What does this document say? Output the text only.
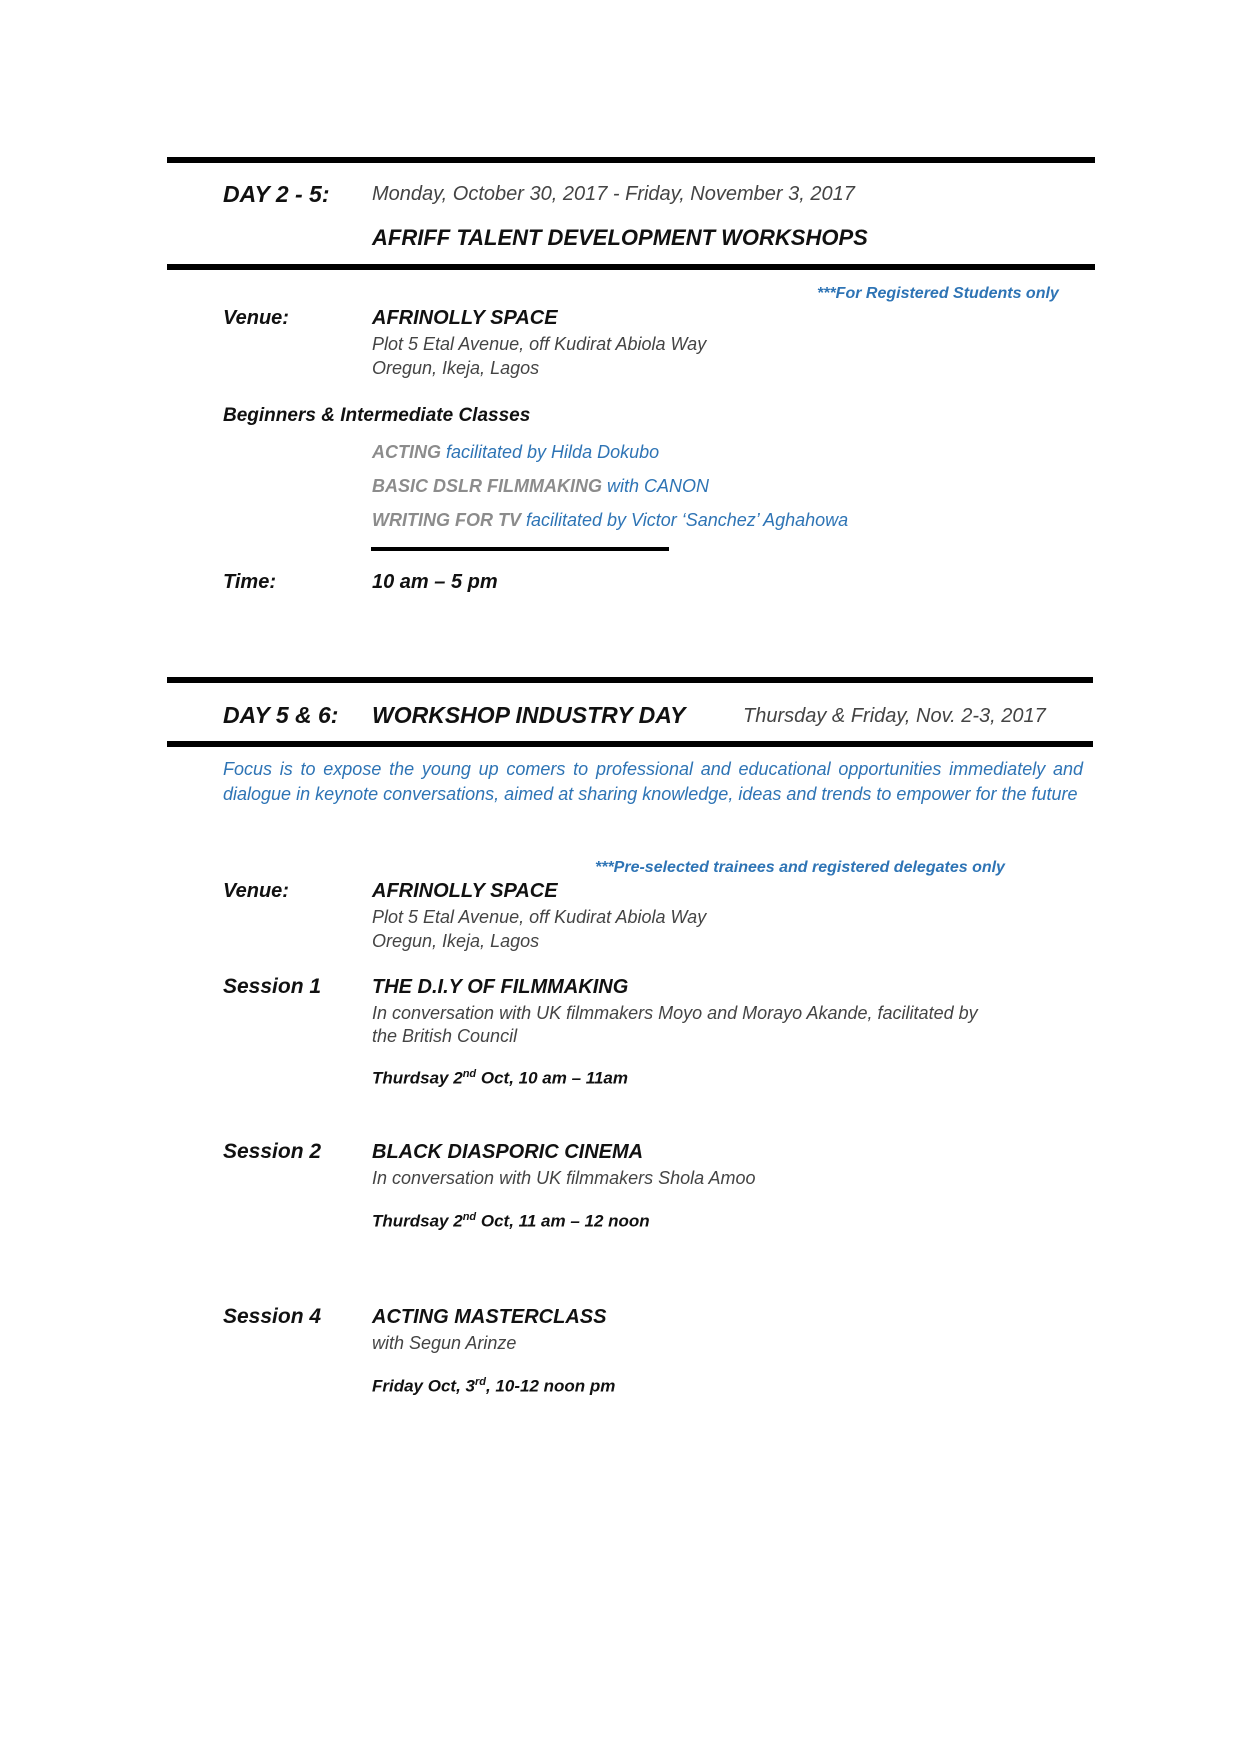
DAY 2 - 5: Monday, October 30, 2017 - Friday, November 3, 2017
AFRIFF TALENT DEVELOPMENT WORKSHOPS
***For Registered Students only
Venue:	AFRINOLLY SPACE
Plot 5 Etal Avenue, off Kudirat Abiola Way
Oregun, Ikeja, Lagos
Beginners & Intermediate Classes
ACTING facilitated by Hilda Dokubo
BASIC DSLR FILMMAKING with CANON
WRITING FOR TV facilitated by Victor ‘Sanchez’ Aghahowa
Time:	10 am – 5 pm
DAY 5 & 6: WORKSHOP INDUSTRY DAY	Thursday & Friday, Nov. 2-3, 2017
Focus is to expose the young up comers to professional and educational opportunities immediately and dialogue in keynote conversations, aimed at sharing knowledge, ideas and trends to empower for the future
***Pre-selected trainees and registered delegates only
Venue:	AFRINOLLY SPACE
Plot 5 Etal Avenue, off Kudirat Abiola Way
Oregun, Ikeja, Lagos
Session 1	THE D.I.Y OF FILMMAKING
In conversation with UK filmmakers Moyo and Morayo Akande, facilitated by
the British Council
Thurdsay 2nd Oct, 10 am – 11am
Session 2	BLACK DIASPORIC CINEMA
In conversation with UK filmmakers Shola Amoo
Thurdsay 2nd Oct, 11 am – 12 noon
Session 4	ACTING MASTERCLASS
with Segun Arinze
Friday Oct, 3rd, 10-12 noon pm
